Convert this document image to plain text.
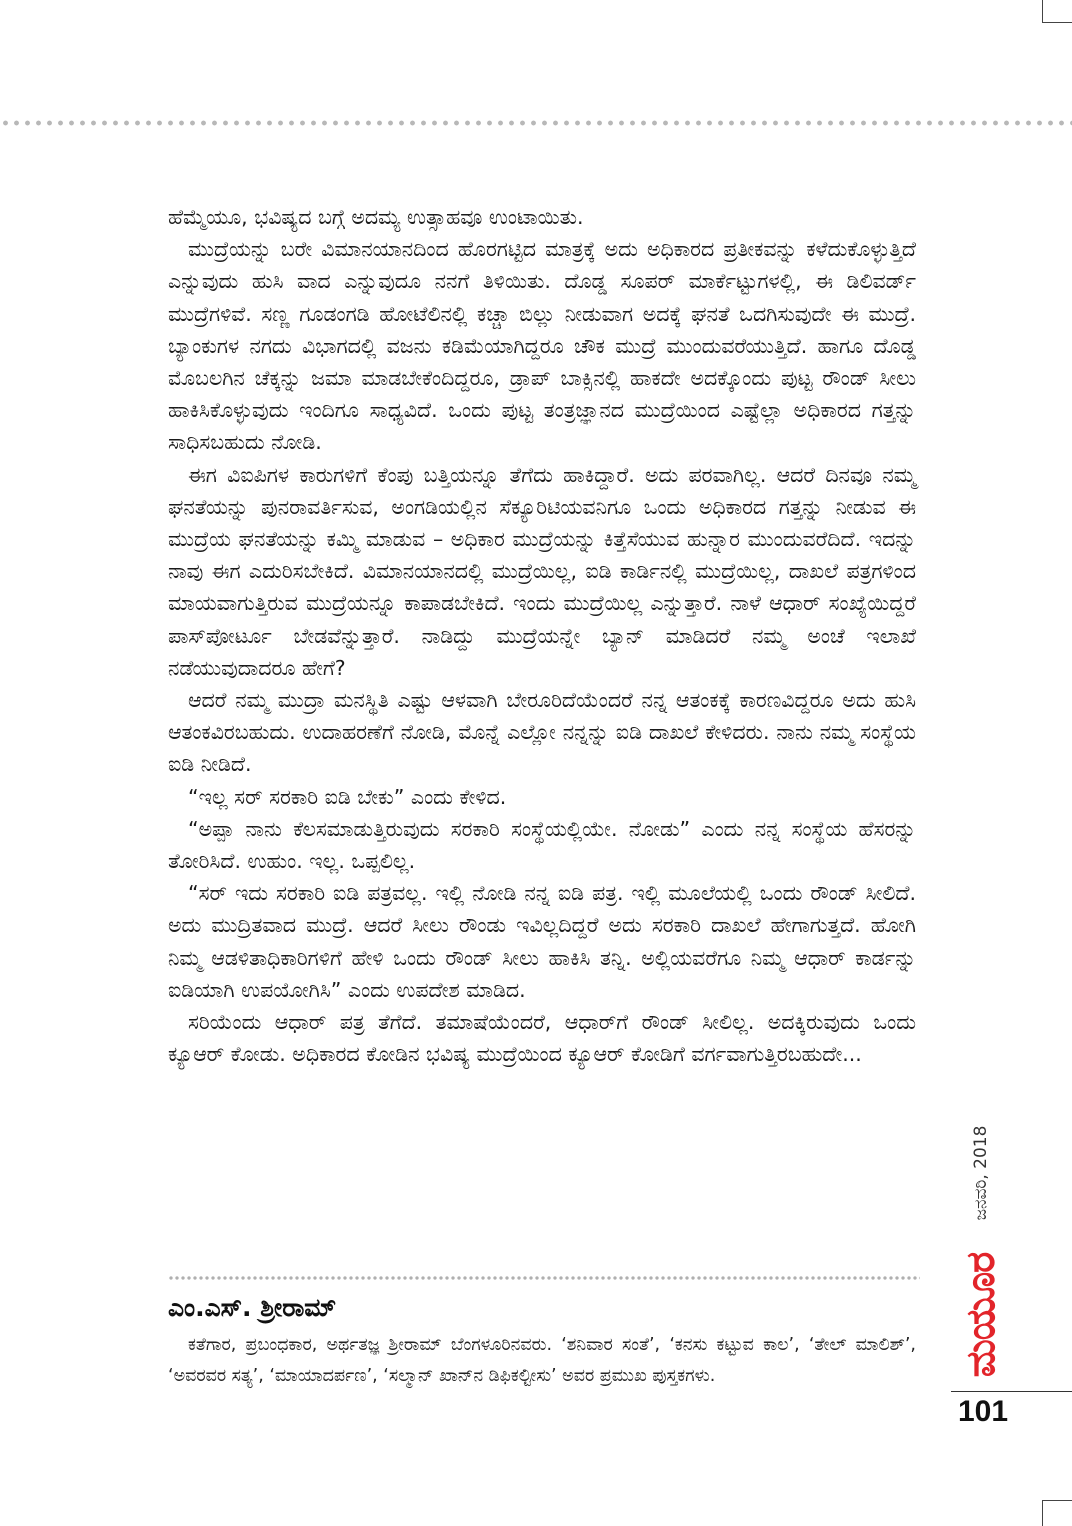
ಹೆಮ್ಮೆಯೂ, ಭವಿಷ್ಯದ ಬಗ್ಗೆ ಅದಮ್ಯ ಉತ್ಸಾಹವೂ ಉಂಟಾಯಿತು.

ಮುದ್ರೆಯನ್ನು ಬರೇ ವಿಮಾನಯಾನದಿಂದ ಹೊರಗಟ್ಟಿದ ಮಾತ್ರಕ್ಕೆ ಅದು ಅಧಿಕಾರದ ಪ್ರತೀಕವನ್ನು ಕಳೆದುಕೊಳ್ಳುತ್ತಿದೆ ಎನ್ನುವುದು ಹುಸಿ ವಾದ ಎನ್ನುವುದೂ ನನಗೆ ತಿಳಿಯಿತು. ದೊಡ್ಡ ಸೂಪರ್ ಮಾರ್ಕೆಟ್ಟುಗಳಲ್ಲಿ, ಈ ಡಿಲಿವರ್ಡ್ ಮುದ್ರೆಗಳಿವೆ. ಸಣ್ಣ ಗೂಡಂಗಡಿ ಹೋಟೆಲಿನಲ್ಲಿ ಕಚ್ಚಾ ಬಿಲ್ಲು ನೀಡುವಾಗ ಅದಕ್ಕೆ ಘನತೆ ಒದಗಿಸುವುದೇ ಈ ಮುದ್ರೆ. ಬ್ಯಾಂಕುಗಳ ನಗದು ವಿಭಾಗದಲ್ಲಿ ವಜನು ಕಡಿಮೆಯಾಗಿದ್ದರೂ ಚೌಕ ಮುದ್ರೆ ಮುಂದುವರೆಯುತ್ತಿದೆ. ಹಾಗೂ ದೊಡ್ಡ ಮೊಬಲಗಿನ ಚೆಕ್ಕನ್ನು ಜಮಾ ಮಾಡಬೇಕೆಂದಿದ್ದರೂ, ಡ್ರಾಪ್ ಬಾಕ್ಸಿನಲ್ಲಿ ಹಾಕದೇ ಅದಕ್ಕೊಂದು ಪುಟ್ಟ ರೌಂಡ್ ಸೀಲು ಹಾಕಿಸಿಕೊಳ್ಳುವುದು ಇಂದಿಗೂ ಸಾಧ್ಯವಿದೆ. ಒಂದು ಪುಟ್ಟ ತಂತ್ರಜ್ಞಾನದ ಮುದ್ರೆಯಿಂದ ಎಷ್ಟೆಲ್ಲಾ ಅಧಿಕಾರದ ಗತ್ತನ್ನು ಸಾಧಿಸಬಹುದು ನೋಡಿ.

ಈಗ ವಿಐಪಿಗಳ ಕಾರುಗಳಿಗೆ ಕೆಂಪು ಬತ್ತಿಯನ್ನೂ ತೆಗೆದು ಹಾಕಿದ್ದಾರೆ. ಅದು ಪರವಾಗಿಲ್ಲ. ಆದರೆ ದಿನವೂ ನಮ್ಮ ಘನತೆಯನ್ನು ಪುನರಾವರ್ತಿಸುವ, ಅಂಗಡಿಯಲ್ಲಿನ ಸೆಕ್ಯೂರಿಟಿಯವನಿಗೂ ಒಂದು ಅಧಿಕಾರದ ಗತ್ತನ್ನು ನೀಡುವ ಈ ಮುದ್ರೆಯ ಘನತೆಯನ್ನು ಕಮ್ಮಿ ಮಾಡುವ – ಅಧಿಕಾರ ಮುದ್ರೆಯನ್ನು ಕಿತ್ತೆಸೆಯುವ ಹುನ್ನಾರ ಮುಂದುವರೆದಿದೆ. ಇದನ್ನು ನಾವು ಈಗ ಎದುರಿಸಬೇಕಿದೆ. ವಿಮಾನಯಾನದಲ್ಲಿ ಮುದ್ರೆಯಿಲ್ಲ, ಐಡಿ ಕಾರ್ಡಿನಲ್ಲಿ ಮುದ್ರೆಯಿಲ್ಲ, ದಾಖಲೆ ಪತ್ರಗಳಿಂದ ಮಾಯವಾಗುತ್ತಿರುವ ಮುದ್ರೆಯನ್ನೂ ಕಾಪಾಡಬೇಕಿದೆ. ಇಂದು ಮುದ್ರೆಯಿಲ್ಲ ಎನ್ನುತ್ತಾರೆ. ನಾಳೆ ಆಧಾರ್ ಸಂಖ್ಯೆಯಿದ್ದರೆ ಪಾಸ್‌ಪೋರ್ಟೂ ಬೇಡವೆನ್ನುತ್ತಾರೆ. ನಾಡಿದ್ದು ಮುದ್ರೆಯನ್ನೇ ಬ್ಯಾನ್ ಮಾಡಿದರೆ ನಮ್ಮ ಅಂಚೆ ಇಲಾಖೆ ನಡೆಯುವುದಾದರೂ ಹೇಗೆ?

ಆದರೆ ನಮ್ಮ ಮುದ್ರಾ ಮನಸ್ಥಿತಿ ಎಷ್ಟು ಆಳವಾಗಿ ಬೇರೂರಿದೆಯೆಂದರೆ ನನ್ನ ಆತಂಕಕ್ಕೆ ಕಾರಣವಿದ್ದರೂ ಅದು ಹುಸಿ ಆತಂಕವಿರಬಹುದು. ಉದಾಹರಣೆಗೆ ನೋಡಿ, ಮೊನ್ನೆ ಎಲ್ಲೋ ನನ್ನನ್ನು ಐಡಿ ದಾಖಲೆ ಕೇಳಿದರು. ನಾನು ನಮ್ಮ ಸಂಸ್ಥೆಯ ಐಡಿ ನೀಡಿದೆ.

“ಇಲ್ಲ ಸರ್ ಸರಕಾರಿ ಐಡಿ ಬೇಕು” ಎಂದು ಕೇಳಿದ.

“ಅಪ್ಪಾ ನಾನು ಕೆಲಸಮಾಡುತ್ತಿರುವುದು ಸರಕಾರಿ ಸಂಸ್ಥೆಯಲ್ಲಿಯೇ. ನೋಡು” ಎಂದು ನನ್ನ ಸಂಸ್ಥೆಯ ಹೆಸರನ್ನು ತೋರಿಸಿದೆ. ಉಹುಂ. ಇಲ್ಲ. ಒಪ್ಪಲಿಲ್ಲ.

“ಸರ್ ಇದು ಸರಕಾರಿ ಐಡಿ ಪತ್ರವಲ್ಲ. ಇಲ್ಲಿ ನೋಡಿ ನನ್ನ ಐಡಿ ಪತ್ರ. ಇಲ್ಲಿ ಮೂಲೆಯಲ್ಲಿ ಒಂದು ರೌಂಡ್ ಸೀಲಿದೆ. ಅದು ಮುದ್ರಿತವಾದ ಮುದ್ರೆ. ಆದರೆ ಸೀಲು ರೌಂಡು ಇವಿಲ್ಲದಿದ್ದರೆ ಅದು ಸರಕಾರಿ ದಾಖಲೆ ಹೇಗಾಗುತ್ತದೆ. ಹೋಗಿ ನಿಮ್ಮ ಆಡಳಿತಾಧಿಕಾರಿಗಳಿಗೆ ಹೇಳಿ ಒಂದು ರೌಂಡ್ ಸೀಲು ಹಾಕಿಸಿ ತನ್ನಿ. ಅಲ್ಲಿಯವರೆಗೂ ನಿಮ್ಮ ಆಧಾರ್ ಕಾರ್ಡನ್ನು ಐಡಿಯಾಗಿ ಉಪಯೋಗಿಸಿ” ಎಂದು ಉಪದೇಶ ಮಾಡಿದ.

ಸರಿಯೆಂದು ಆಧಾರ್ ಪತ್ರ ತೆಗೆದೆ. ತಮಾಷೆಯೆಂದರೆ, ಆಧಾರ್‌ಗೆ ರೌಂಡ್ ಸೀಲಿಲ್ಲ. ಅದಕ್ಕಿರುವುದು ಒಂದು ಕ್ಯೂಆರ್ ಕೋಡು. ಅಧಿಕಾರದ ಕೋಡಿನ ಭವಿಷ್ಯ ಮುದ್ರೆಯಿಂದ ಕ್ಯೂಆರ್ ಕೋಡಿಗೆ ವರ್ಗವಾಗುತ್ತಿರಬಹುದೇ...

ಎಂ.ಎಸ್. ಶ್ರೀರಾಮ್
ಕತೆಗಾರ, ಪ್ರಬಂಧಕಾರ, ಅರ್ಥತಜ್ಞ ಶ್ರೀರಾಮ್ ಬೆಂಗಳೂರಿನವರು. ‘ಶನಿವಾರ ಸಂತೆ’, ‘ಕನಸು ಕಟ್ಟುವ ಕಾಲ’, ‘ತೇಲ್ ಮಾಲಿಶ್’, ‘ಅವರವರ ಸತ್ಯ’, ‘ಮಾಯಾದರ್ಪಣ’, ‘ಸಲ್ಮಾನ್ ಖಾನ್‌ನ ಡಿಫಿಕಲ್ಟೀಸು’ ಅವರ ಪ್ರಮುಖ ಪುಸ್ತಕಗಳು.
ಜನವರಿ, 2018
ಮಯೂರ
101
